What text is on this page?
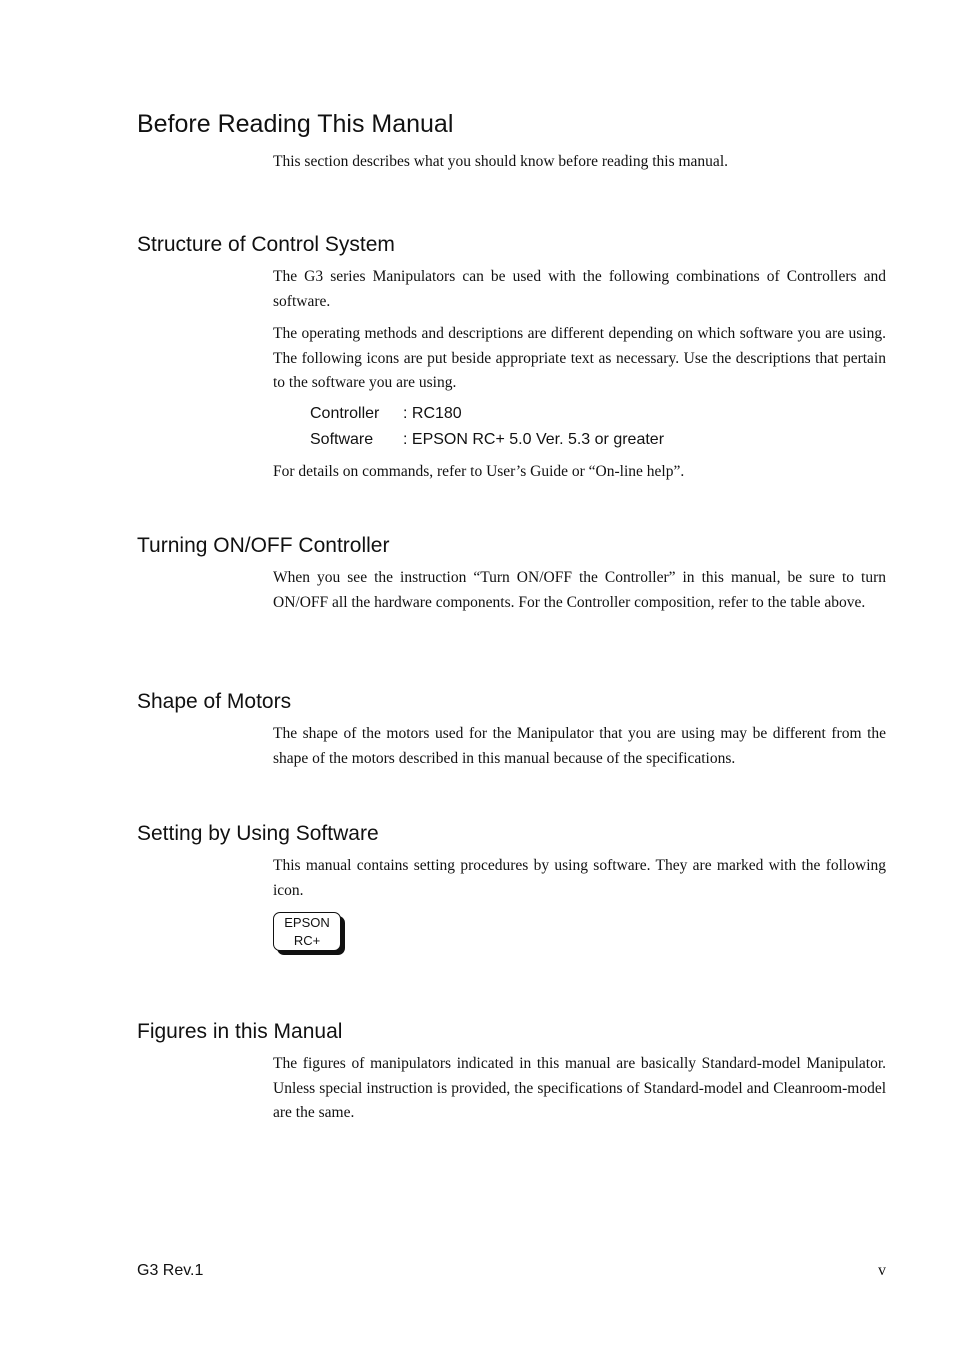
Before Reading This Manual

This section describes what you should know before reading this manual.

Structure of Control System

The G3 series Manipulators can be used with the following combinations of Controllers and software.

The operating methods and descriptions are different depending on which software you are using. The following icons are put beside appropriate text as necessary. Use the descriptions that pertain to the software you are using.

Controller : RC180
Software : EPSON RC+ 5.0 Ver. 5.3 or greater

For details on commands, refer to User’s Guide or “On-line help”.

Turning ON/OFF Controller

When you see the instruction “Turn ON/OFF the Controller” in this manual, be sure to turn ON/OFF all the hardware components. For the Controller composition, refer to the table above.

Shape of Motors

The shape of the motors used for the Manipulator that you are using may be different from the shape of the motors described in this manual because of the specifications.

Setting by Using Software

This manual contains setting procedures by using software. They are marked with the following icon.

EPSON
RC+
Figures in this Manual

The figures of manipulators indicated in this manual are basically Standard-model Manipulator. Unless special instruction is provided, the specifications of Standard-model and Cleanroom-model are the same.

G3 Rev.1	v
